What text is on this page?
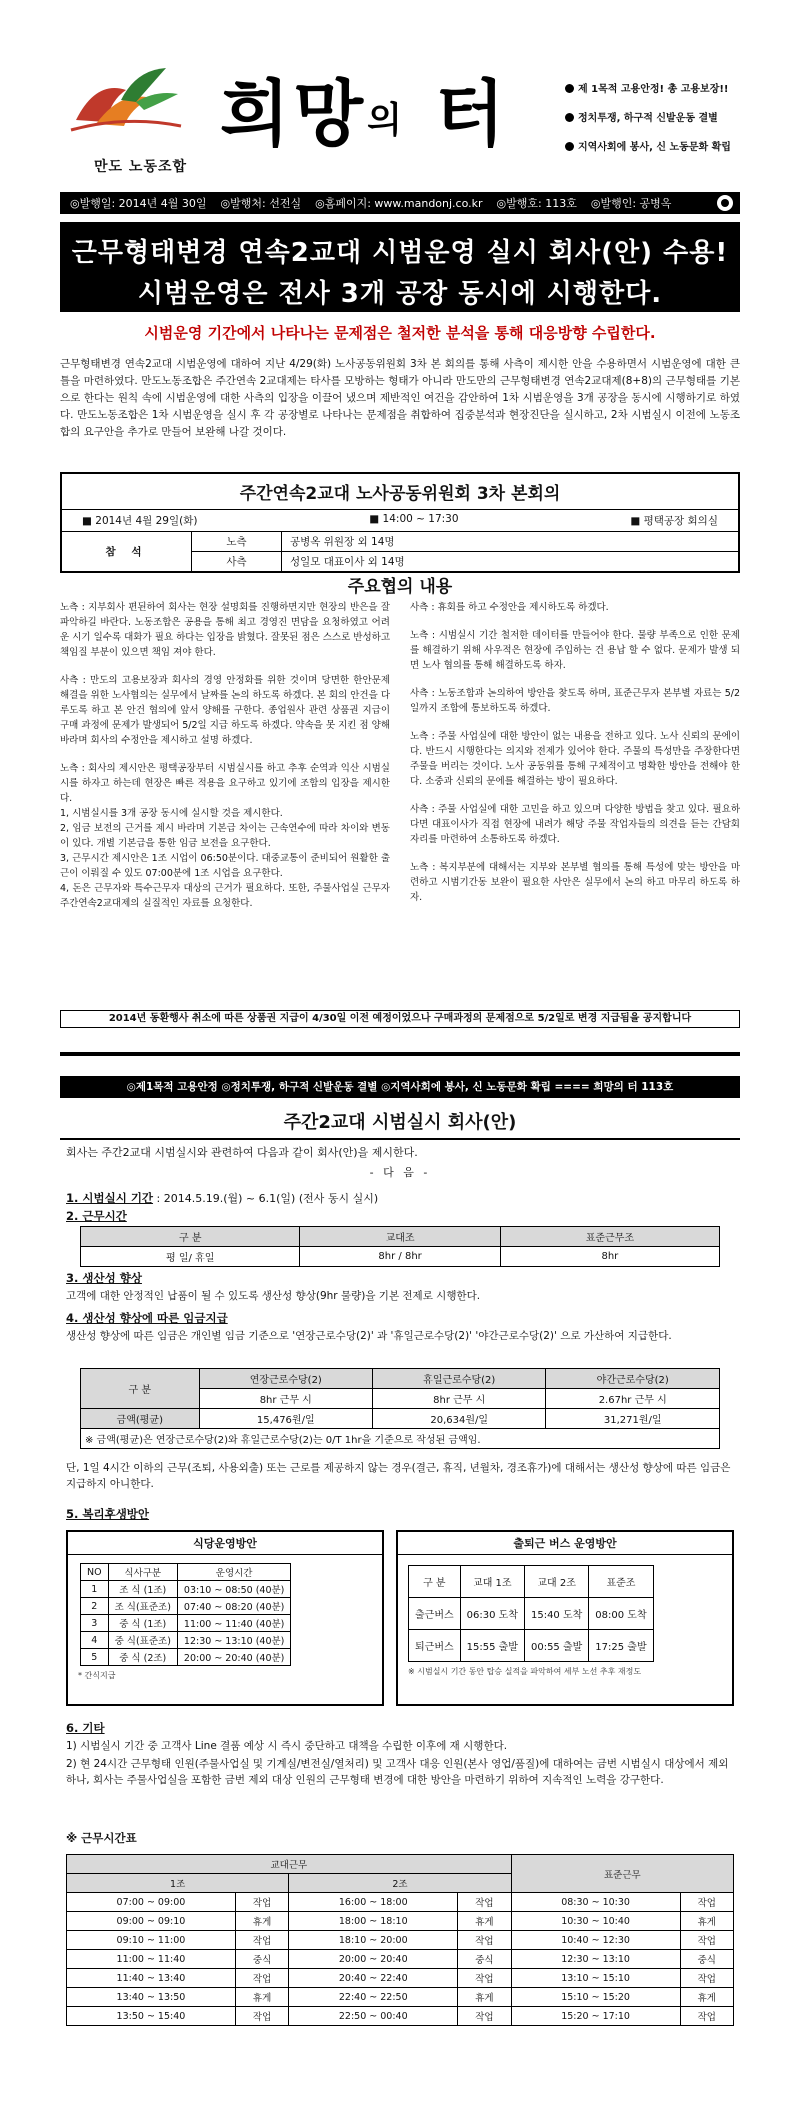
만도 노동조합
희망의 터	제 1목적 고용안정! 총 고용보장!!
정치투쟁, 하구적 신발운동 결별
지역사회에 봉사, 신 노동문화 확립
◎발행일: 2014년 4월 30일 ◎발행처: 선전실 ◎홈페이지: www.mandonj.co.kr ◎발행호: 113호 ◎발행인: 공병옥
근무형태변경 연속2교대 시범운영 실시 회사(안) 수용!
시범운영은 전사 3개 공장 동시에 시행한다.
시범운영 기간에서 나타나는 문제점은 철저한 분석을 통해 대응방향 수립한다.
근무형태변경 연속2교대 시범운영에 대하여 지난 4/29(화) 노사공동위원회 3차 본 회의를 통해 사측이 제시한 안을 수용하면서 시범운영에 대한 큰 틀을 마련하였다. 만도노동조합은 주간연속 2교대제는 타사를 모방하는 형태가 아니라 만도만의 근무형태변경 연속2교대제(8+8)의 근무형태를 기본으로 한다는 원칙 속에 시범운영에 대한 사측의 입장을 이끌어 냈으며 제반적인 여건을 감안하여 1차 시범운영을 3개 공장을 동시에 시행하기로 하였다. 만도노동조합은 1차 시범운영을 실시 후 각 공장별로 나타나는 문제점을 취합하여 집중분석과 현장진단을 실시하고, 2차 시범실시 이전에 노동조합의 요구안을 추가로 만들어 보완해 나갈 것이다.
주간연속2교대 노사공동위원회 3차 본회의
■ 2014년 4월 29일(화)	■ 14:00 ~ 17:30	■ 평택공장 회의실
참 석
노측	공병옥 위원장 외 14명
사측	성일모 대표이사 외 14명
주요협의 내용

노측 : 지부회사 편된하여 회사는 현장 설명회를 진행하면지만 현장의 반은을 잘 파악하길 바란다. 노동조합은 공용을 통해 최고 경영진 면담을 요청하였고 어려운 시기 일수록 대화가 필요 하다는 입장을 밝혔다. 잘못된 점은 스스로 반성하고 책임질 부분이 있으면 책임 져야 한다.

사측 : 만도의 고용보장과 회사의 경영 안정화를 위한 것이며 당면한 한안문제 해결을 위한 노사협의는 실무에서 날짜를 논의 하도록 하겠다. 본 회의 안건을 다루도록 하고 본 안건 협의에 앞서 양해를 구한다. 종업원사 관련 상품권 지급이 구매 과정에 문제가 발생되어 5/2일 지급 하도록 하겠다. 약속을 못 지킨 점 양해 바라며 회사의 수정안을 제시하고 설명 하겠다.

노측 : 회사의 제시안은 평택공장부터 시범실시를 하고 추후 순역과 익산 시범실시를 하자고 하는데 현장은 빠른 적용을 요구하고 있기에 조합의 입장을 제시한다.
1, 시범실시를 3개 공장 동시에 실시할 것을 제시한다.
2, 임금 보전의 근거를 제시 바라며 기본급 차이는 근속연수에 따라 차이와 변동이 있다. 개별 기본급을 통한 임금 보전을 요구한다.
3, 근무시간 제시안은 1조 시업이 06:50분이다. 대중교통이 준비되어 원활한 출근이 이뤄질 수 있도 07:00분에 1조 시업을 요구한다.
4, 돈은 근무자와 특수근무자 대상의 근거가 필요하다. 또한, 주물사업실 근무자 주간연속2교대제의 실질적인 자료를 요청한다.

사측 : 휴회를 하고 수정안을 제시하도록 하겠다.

노측 : 시범실시 기간 철저한 데이터를 만들어야 한다. 물량 부족으로 인한 문제를 해결하기 위해 사우적은 현장에 주입하는 건 용납 할 수 없다. 문제가 발생 되면 노사 협의를 통해 해결하도록 하자.

사측 : 노동조합과 논의하여 방안을 찾도록 하며, 표준근무자 본부별 자료는 5/2일까지 조합에 통보하도록 하겠다.

노측 : 주물 사업실에 대한 방안이 없는 내용을 전하고 있다. 노사 신뢰의 문에이다. 반드시 시행한다는 의지와 전제가 있어야 한다. 주물의 특성만을 주장한다면 주물을 버리는 것이다. 노사 공동위를 통해 구체적이고 명확한 방안을 전해야 한다. 소중과 신뢰의 문에를 해결하는 방이 필요하다.

사측 : 주물 사업실에 대한 고민을 하고 있으며 다양한 방법을 찾고 있다. 필요하다면 대표이사가 직접 현장에 내려가 해당 주물 작업자들의 의견을 듣는 간담회 자리를 마련하여 소통하도록 하겠다.

노측 : 복지부분에 대해서는 지부와 본부별 협의를 통해 특성에 맞는 방안을 마련하고 시범기간동 보완이 필요한 사안은 실무에서 논의 하고 마무리 하도록 하자.

2014년 동환행사 취소에 따른 상품권 지급이 4/30일 이전 예정이었으나 구매과정의 문제점으로 5/2일로 변경 지급됨을 공지합니다
◎제1목적 고용안정 ◎정치투쟁, 하구적 신발운동 결별 ◎지역사회에 봉사, 신 노동문화 확립 ==== 희망의 터 113호
주간2교대 시범실시 회사(안)
회사는 주간2교대 시범실시와 관련하여 다음과 같이 회사(안)을 제시한다.
- 다 음 -
1. 시범실시 기간 : 2014.5.19.(월) ~ 6.1(일) (전사 동시 실시)
2. 근무시간
구 분	교대조	표준근무조
평 일/ 휴일	8hr / 8hr	8hr
3. 생산성 향상
고객에 대한 안정적인 납품이 될 수 있도록 생산성 향상(9hr 물량)을 기본 전제로 시행한다.
4. 생산성 향상에 따른 임금지급
생산성 향상에 따른 임금은 개인별 임금 기준으로 '연장근로수당(2)' 과 '휴일근로수당(2)' '야간근로수당(2)' 으로 가산하여 지급한다.
구 분	연장근로수당(2)	휴일근로수당(2)	야간근로수당(2)
	8hr 근무 시	8hr 근무 시	2.67hr 근무 시
금액(평균)	15,476원/일	20,634원/일	31,271원/일
※ 금액(평균)은 연장근로수당(2)와 휴일근로수당(2)는 0/T 1hr을 기준으로 작성된 금액임.			
단, 1일 4시간 이하의 근무(조퇴, 사용외출) 또는 근로를 제공하지 않는 경우(결근, 휴직, 년월차, 경조휴가)에 대해서는 생산성 향상에 따른 임금은 지급하지 아니한다.
5. 복리후생방안
식당운영방안
NO	식사구분	운영시간
1	조 식 (1조)	03:10 ~ 08:50 (40분)
2	조 식(표준조)	07:40 ~ 08:20 (40분)
3	중 식 (1조)	11:00 ~ 11:40 (40분)
4	중 식(표준조)	12:30 ~ 13:10 (40분)
5	중 식 (2조)	20:00 ~ 20:40 (40분)
* 간식지급
출퇴근 버스 운영방안
구 분	교대 1조	교대 2조	표준조
출근버스	06:30 도착	15:40 도착	08:00 도착
퇴근버스	15:55 출발	00:55 출발	17:25 출발
※ 시범실시 기간 동안 탑승 실적을 파악하여 세부 노선 추후 재정도
6. 기타
1) 시범실시 기간 중 고객사 Line 결품 예상 시 즉시 중단하고 대책을 수립한 이후에 재 시행한다.
2) 현 24시간 근무형태 인원(주물사업실 및 기계실/변전실/열처리) 및 고객사 대응 인원(본사 영업/품질)에 대하여는 금번 시범실시 대상에서 제외하나, 회사는 주물사업실을 포함한 금번 제외 대상 인원의 근무형태 변경에 대한 방안을 마련하기 위하여 지속적인 노력을 강구한다.
※ 근무시간표
교대근무				표준근무	
1조		2조			
07:00 ~ 09:00	작업	16:00 ~ 18:00	작업	08:30 ~ 10:30	작업
09:00 ~ 09:10	휴게	18:00 ~ 18:10	휴게	10:30 ~ 10:40	휴게
09:10 ~ 11:00	작업	18:10 ~ 20:00	작업	10:40 ~ 12:30	작업
11:00 ~ 11:40	중식	20:00 ~ 20:40	중식	12:30 ~ 13:10	중식
11:40 ~ 13:40	작업	20:40 ~ 22:40	작업	13:10 ~ 15:10	작업
13:40 ~ 13:50	휴게	22:40 ~ 22:50	휴게	15:10 ~ 15:20	휴게
13:50 ~ 15:40	작업	22:50 ~ 00:40	작업	15:20 ~ 17:10	작업
